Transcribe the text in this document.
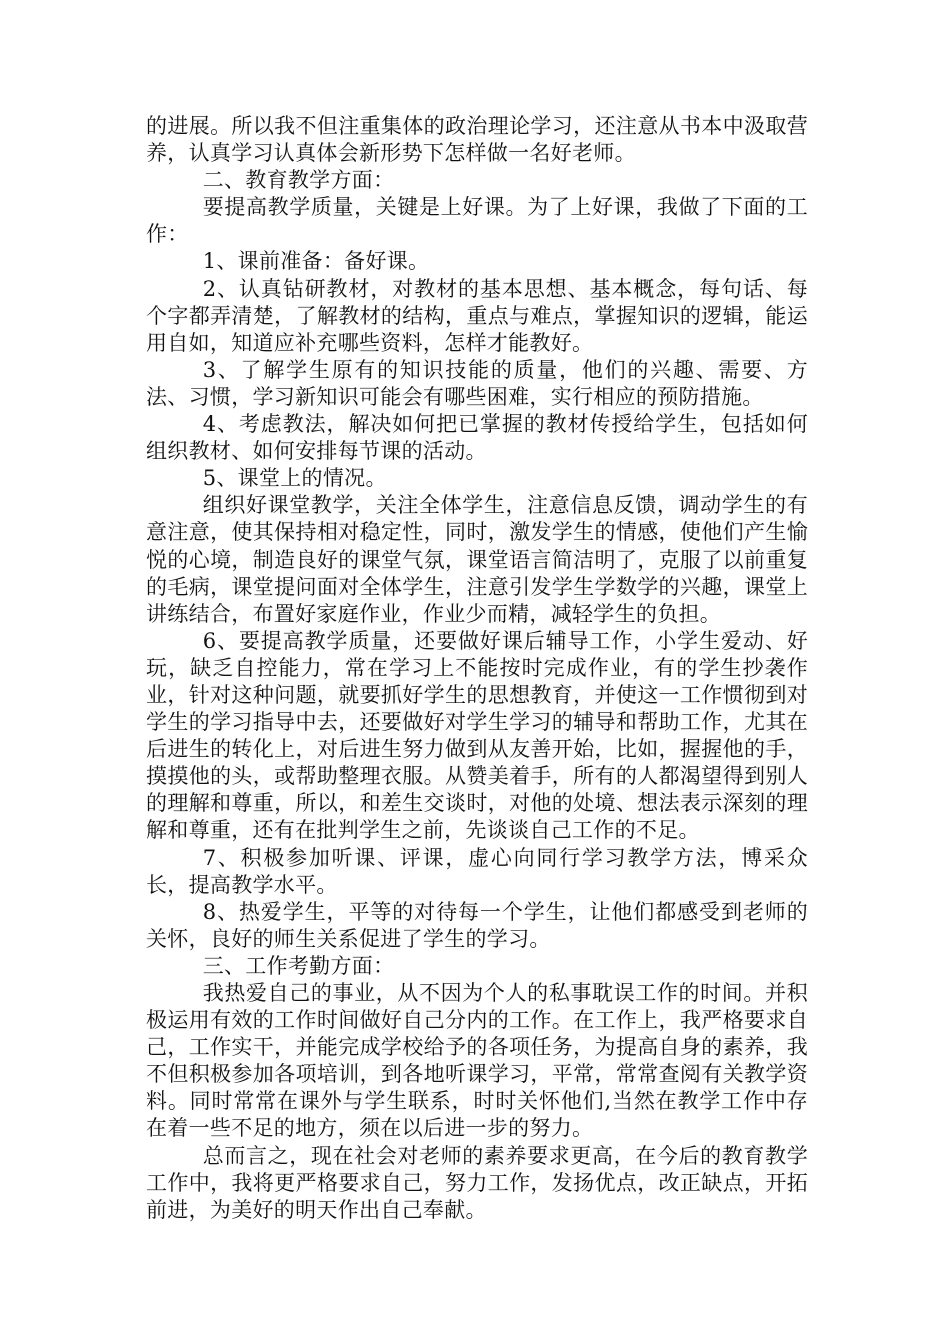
的进展。所以我不但注重集体的政治理论学习，还注意从书本中汲取营养，认真学习认真体会新形势下怎样做一名好老师。

二、教育教学方面：

要提高教学质量，关键是上好课。为了上好课，我做了下面的工作：

1、课前准备：备好课。

2、认真钻研教材，对教材的基本思想、基本概念，每句话、每个字都弄清楚，了解教材的结构，重点与难点，掌握知识的逻辑，能运用自如，知道应补充哪些资料，怎样才能教好。

3、了解学生原有的知识技能的质量，他们的兴趣、需要、方法、习惯，学习新知识可能会有哪些困难，实行相应的预防措施。

4、考虑教法，解决如何把已掌握的教材传授给学生，包括如何组织教材、如何安排每节课的活动。

5、课堂上的情况。

组织好课堂教学，关注全体学生，注意信息反馈，调动学生的有意注意，使其保持相对稳定性，同时，激发学生的情感，使他们产生愉悦的心境，制造良好的课堂气氛，课堂语言简洁明了，克服了以前重复的毛病，课堂提问面对全体学生，注意引发学生学数学的兴趣，课堂上讲练结合，布置好家庭作业，作业少而精，减轻学生的负担。

6、要提高教学质量，还要做好课后辅导工作，小学生爱动、好玩，缺乏自控能力，常在学习上不能按时完成作业，有的学生抄袭作业，针对这种问题，就要抓好学生的思想教育，并使这一工作惯彻到对学生的学习指导中去，还要做好对学生学习的辅导和帮助工作，尤其在后进生的转化上，对后进生努力做到从友善开始，比如，握握他的手，摸摸他的头，或帮助整理衣服。从赞美着手，所有的人都渴望得到别人的理解和尊重，所以，和差生交谈时，对他的处境、想法表示深刻的理解和尊重，还有在批判学生之前，先谈谈自己工作的不足。

7、积极参加听课、评课，虚心向同行学习教学方法，博采众长，提高教学水平。

8、热爱学生，平等的对待每一个学生，让他们都感受到老师的关怀，良好的师生关系促进了学生的学习。

三、工作考勤方面：

我热爱自己的事业，从不因为个人的私事耽误工作的时间。并积极运用有效的工作时间做好自己分内的工作。在工作上，我严格要求自己，工作实干，并能完成学校给予的各项任务，为提高自身的素养，我不但积极参加各项培训，到各地听课学习，平常，常常查阅有关教学资料。同时常常在课外与学生联系，时时关怀他们,当然在教学工作中存在着一些不足的地方，须在以后进一步的努力。

总而言之，现在社会对老师的素养要求更高，在今后的教育教学工作中，我将更严格要求自己，努力工作，发扬优点，改正缺点，开拓前进，为美好的明天作出自己奉献。
